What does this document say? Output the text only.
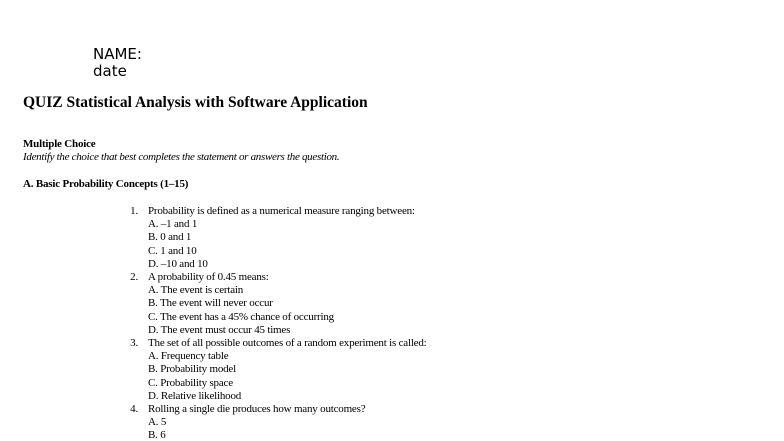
NAME:
date
QUIZ Statistical Analysis with Software Application
Multiple Choice
Identify the choice that best completes the statement or answers the question.
A. Basic Probability Concepts (1–15)
1. Probability is defined as a numerical measure ranging between:
A. –1 and 1
B. 0 and 1
C. 1 and 10
D. –10 and 10
2. A probability of 0.45 means:
A. The event is certain
B. The event will never occur
C. The event has a 45% chance of occurring
D. The event must occur 45 times
3. The set of all possible outcomes of a random experiment is called:
A. Frequency table
B. Probability model
C. Probability space
D. Relative likelihood
4. Rolling a single die produces how many outcomes?
A. 5
B. 6
